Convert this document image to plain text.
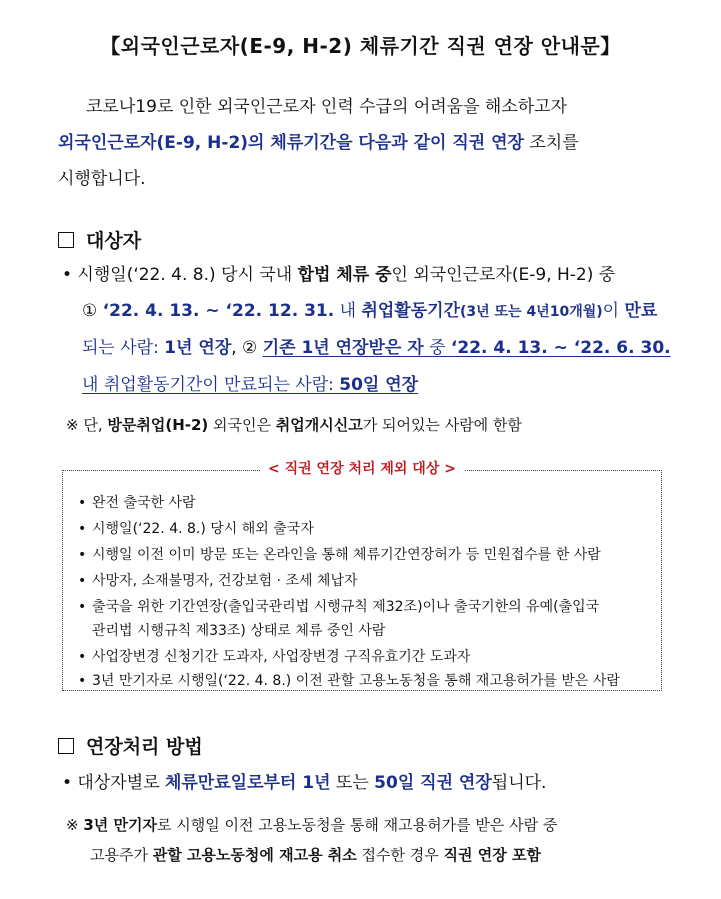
【외국인근로자(E-9, H-2) 체류기간 직권 연장 안내문】
코로나19로 인한 외국인근로자 인력 수급의 어려움을 해소하고자
외국인근로자(E-9, H-2)의 체류기간을 다음과 같이 직권 연장 조치를
시행합니다.
대상자
• 시행일(‘22. 4. 8.) 당시 국내 합법 체류 중인 외국인근로자(E-9, H-2) 중
① ‘22. 4. 13. ~ ‘22. 12. 31. 내 취업활동기간(3년 또는 4년10개월)이 만료
되는 사람: 1년 연장, ② 기존 1년 연장받은 자 중 ‘22. 4. 13. ~ ‘22. 6. 30.
내 취업활동기간이 만료되는 사람: 50일 연장
※ 단, 방문취업(H-2) 외국인은 취업개시신고가 되어있는 사람에 한함
< 직권 연장 처리 제외 대상 >
• 완전 출국한 사람
• 시행일(‘22. 4. 8.) 당시 해외 출국자
• 시행일 이전 이미 방문 또는 온라인을 통해 체류기간연장허가 등 민원접수를 한 사람
• 사망자, 소재불명자, 건강보험 · 조세 체납자
• 출국을 위한 기간연장(출입국관리법 시행규칙 제32조)이나 출국기한의 유예(출입국
관리법 시행규칙 제33조) 상태로 체류 중인 사람
• 사업장변경 신청기간 도과자, 사업장변경 구직유효기간 도과자
• 3년 만기자로 시행일(‘22. 4. 8.) 이전 관할 고용노동청을 통해 재고용허가를 받은 사람
연장처리 방법
• 대상자별로 체류만료일로부터 1년 또는 50일 직권 연장됩니다.
※ 3년 만기자로 시행일 이전 고용노동청을 통해 재고용허가를 받은 사람 중
고용주가 관할 고용노동청에 재고용 취소 접수한 경우 직권 연장 포함
